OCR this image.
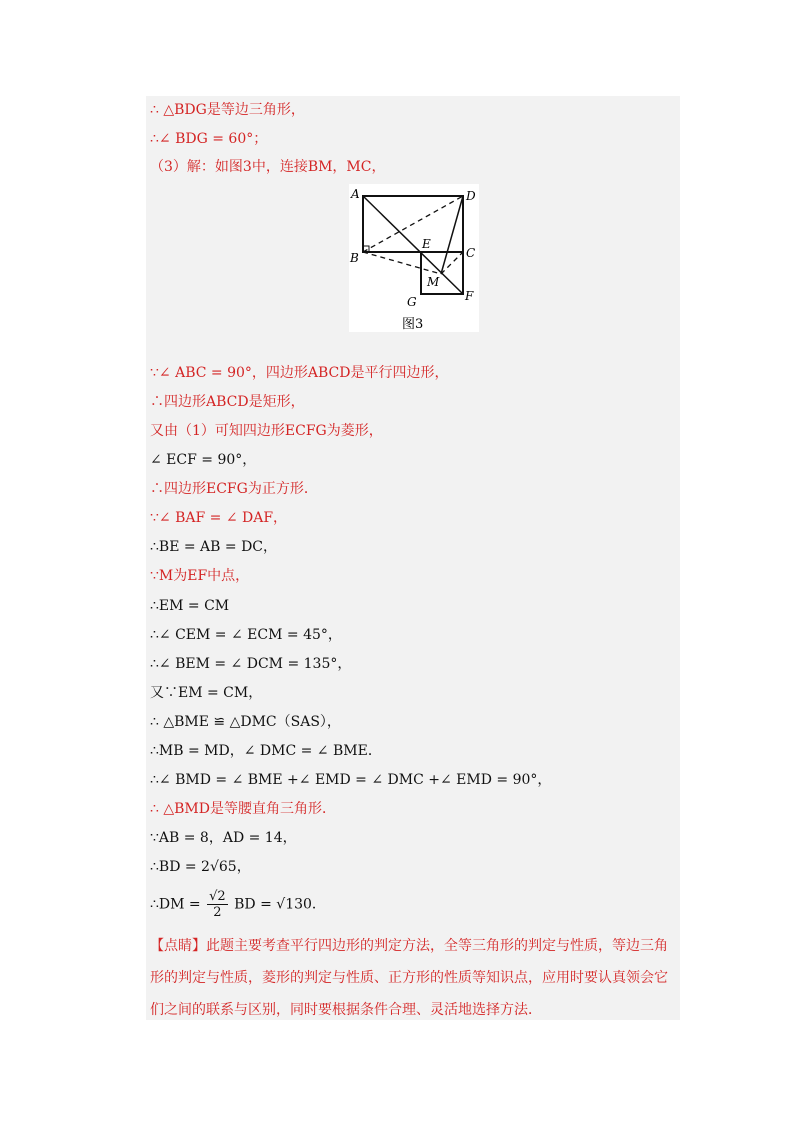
∴ △BDG是等边三角形，
∴∠ BDG = 60°；
（3）解：如图3中，连接BM，MC，
A	D
B
E
C
M
F
G
图3
∵∠ ABC = 90°，四边形ABCD是平行四边形，
∴四边形ABCD是矩形，
又由（1）可知四边形ECFG为菱形，
∠ ECF = 90°，
∴四边形ECFG为正方形．
∵∠ BAF = ∠ DAF，
∴BE = AB = DC，
∵M为EF中点，
∴EM = CM
∴∠ CEM = ∠ ECM = 45°，
∴∠ BEM = ∠ DCM = 135°，
又∵EM = CM，
∴ △BME ≌ △DMC（SAS），
∴MB = MD，∠ DMC = ∠ BME．
∴∠ BMD = ∠ BME +∠ EMD = ∠ DMC +∠ EMD = 90°，
∴ △BMD是等腰直角三角形．
∵AB = 8，AD = 14，
∴BD = 2√65，
∴DM = $\frac{√2}{2}$ BD = √130．
【点睛】此题主要考查平行四边形的判定方法，全等三角形的判定与性质，等边三角
形的判定与性质，菱形的判定与性质、正方形的性质等知识点，应用时要认真领会它
们之间的联系与区别，同时要根据条件合理、灵活地选择方法．
